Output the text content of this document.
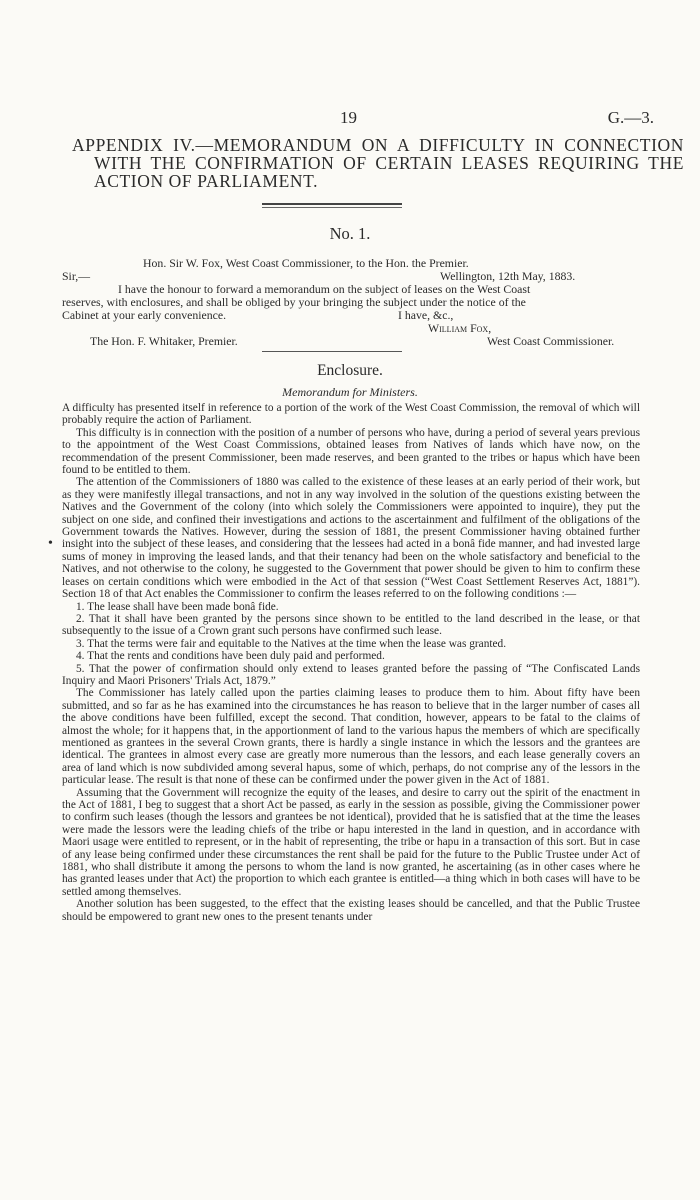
19	G.—3.
APPENDIX IV.—MEMORANDUM ON A DIFFICULTY IN CONNECTION WITH THE CONFIRMATION OF CERTAIN LEASES REQUIRING THE ACTION OF PARLIAMENT.
No. 1.
Hon. Sir W. Fox, West Coast Commissioner, to the Hon. the Premier.
Sir,—	Wellington, 12th May, 1883.
I have the honour to forward a memorandum on the subject of leases on the West Coast
reserves, with enclosures, and shall be obliged by your bringing the subject under the notice of the
Cabinet at your early convenience.	I have, &c.,
William Fox,
The Hon. F. Whitaker, Premier.	West Coast Commissioner.
Enclosure.
Memorandum for Ministers.

A difficulty has presented itself in reference to a portion of the work of the West Coast Commission, the removal of which will probably require the action of Parliament.

This difficulty is in connection with the position of a number of persons who have, during a period of several years previous to the appointment of the West Coast Commissions, obtained leases from Natives of lands which have now, on the recommendation of the present Commissioner, been made reserves, and been granted to the tribes or hapus which have been found to be entitled to them.

The attention of the Commissioners of 1880 was called to the existence of these leases at an early period of their work, but as they were manifestly illegal transactions, and not in any way involved in the solution of the questions existing between the Natives and the Government of the colony (into which solely the Commissioners were appointed to inquire), they put the subject on one side, and confined their investigations and actions to the ascertainment and fulfilment of the obligations of the Government towards the Natives. However, during the session of 1881, the present Commissioner having obtained further insight into the subject of these leases, and considering that the lessees had acted in a bonâ fide manner, and had invested large sums of money in improving the leased lands, and that their tenancy had been on the whole satisfactory and beneficial to the Natives, and not otherwise to the colony, he suggested to the Government that power should be given to him to confirm these leases on certain conditions which were embodied in the Act of that session (“West Coast Settlement Reserves Act, 1881”). Section 18 of that Act enables the Commissioner to confirm the leases referred to on the following conditions :—

1. The lease shall have been made bonâ fide.

2. That it shall have been granted by the persons since shown to be entitled to the land described in the lease, or that subsequently to the issue of a Crown grant such persons have confirmed such lease.

3. That the terms were fair and equitable to the Natives at the time when the lease was granted.

4. That the rents and conditions have been duly paid and performed.

5. That the power of confirmation should only extend to leases granted before the passing of “The Confiscated Lands Inquiry and Maori Prisoners' Trials Act, 1879.”

The Commissioner has lately called upon the parties claiming leases to produce them to him. About fifty have been submitted, and so far as he has examined into the circumstances he has reason to believe that in the larger number of cases all the above conditions have been fulfilled, except the second. That condition, however, appears to be fatal to the claims of almost the whole; for it happens that, in the apportionment of land to the various hapus the members of which are specifically mentioned as grantees in the several Crown grants, there is hardly a single instance in which the lessors and the grantees are identical. The grantees in almost every case are greatly more numerous than the lessors, and each lease generally covers an area of land which is now subdivided among several hapus, some of which, perhaps, do not comprise any of the lessors in the particular lease. The result is that none of these can be confirmed under the power given in the Act of 1881.

Assuming that the Government will recognize the equity of the leases, and desire to carry out the spirit of the enactment in the Act of 1881, I beg to suggest that a short Act be passed, as early in the session as possible, giving the Commissioner power to confirm such leases (though the lessors and grantees be not identical), provided that he is satisfied that at the time the leases were made the lessors were the leading chiefs of the tribe or hapu interested in the land in question, and in accordance with Maori usage were entitled to represent, or in the habit of representing, the tribe or hapu in a transaction of this sort. But in case of any lease being confirmed under these circumstances the rent shall be paid for the future to the Public Trustee under Act of 1881, who shall distribute it among the persons to whom the land is now granted, he ascertaining (as in other cases where he has granted leases under that Act) the proportion to which each grantee is entitled—a thing which in both cases will have to be settled among themselves.

Another solution has been suggested, to the effect that the existing leases should be cancelled, and that the Public Trustee should be empowered to grant new ones to the present tenants under

•
